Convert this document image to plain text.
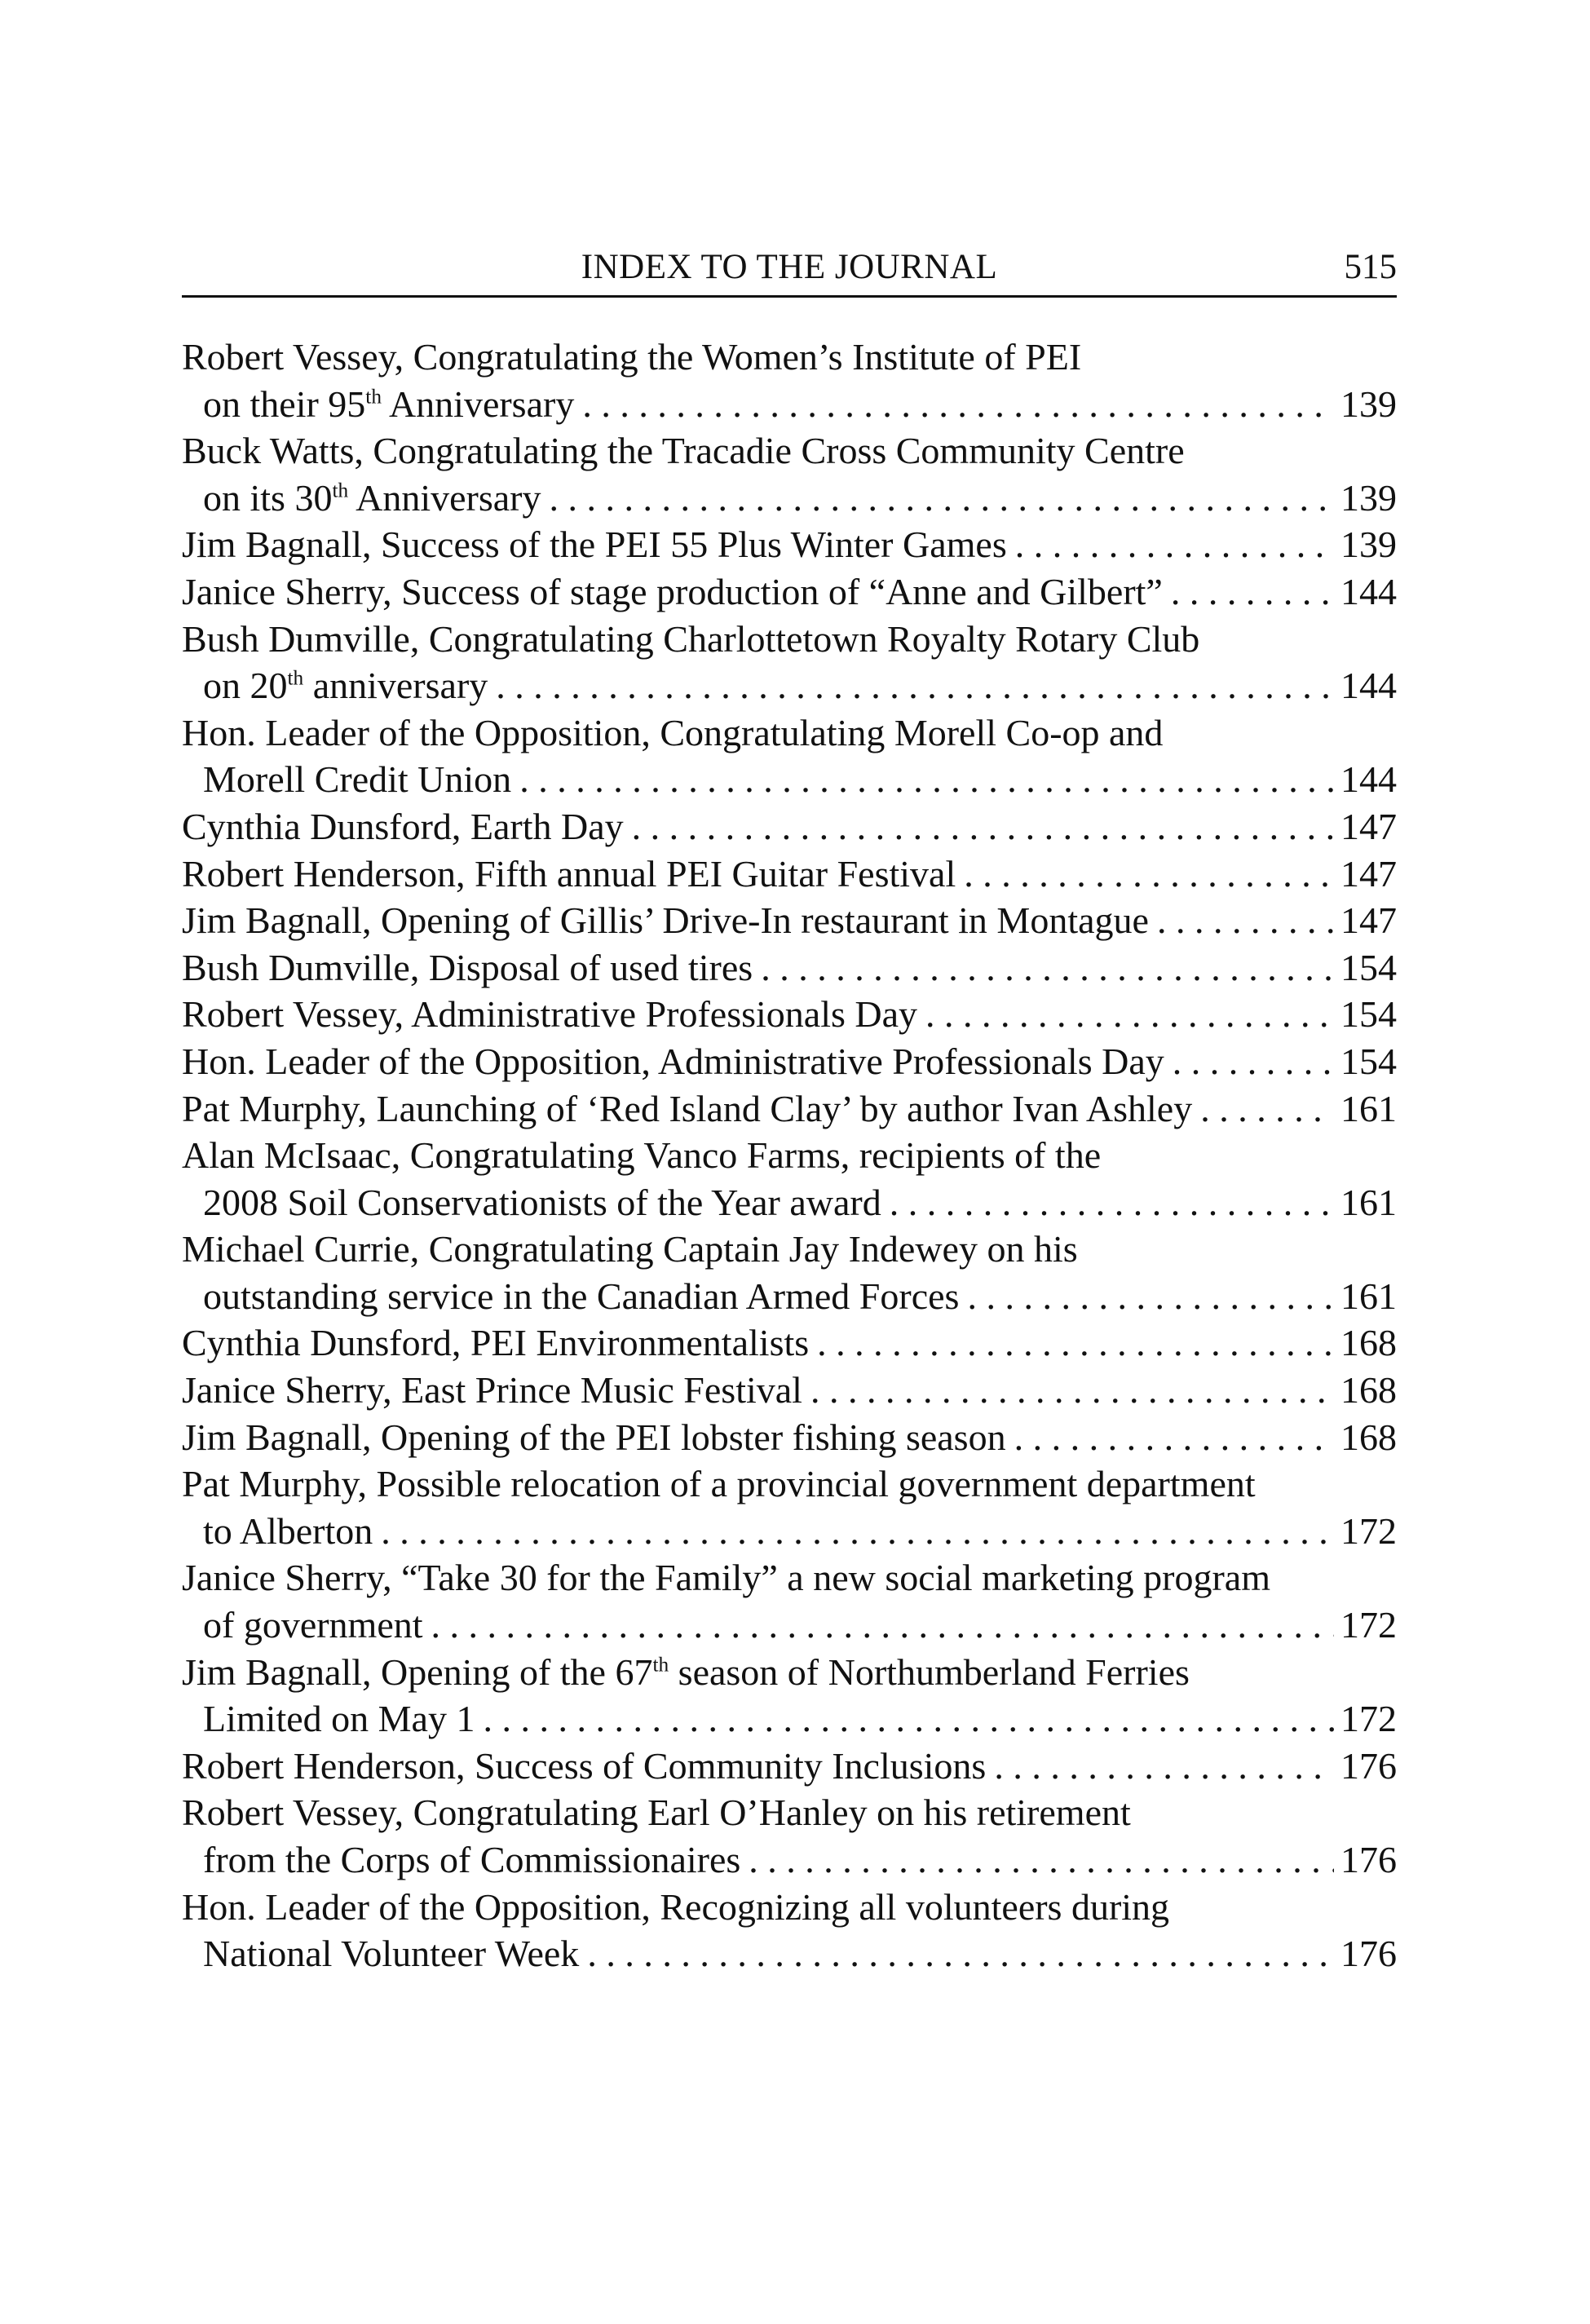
INDEX TO THE JOURNAL	515
Robert Vessey, Congratulating the Women’s Institute of PEI
on their 95th Anniversary . . .	139
Buck Watts, Congratulating the Tracadie Cross Community Centre
on its 30th Anniversary . . .	139
Jim Bagnall, Success of the PEI 55 Plus Winter Games . . .	139
Janice Sherry, Success of stage production of “Anne and Gilbert” . . .	144
Bush Dumville, Congratulating Charlottetown Royalty Rotary Club
on 20th anniversary . . .	144
Hon. Leader of the Opposition, Congratulating Morell Co-op and
Morell Credit Union . . .	144
Cynthia Dunsford, Earth Day . . .	147
Robert Henderson, Fifth annual PEI Guitar Festival . . .	147
Jim Bagnall, Opening of Gillis’ Drive-In restaurant in Montague . . .	147
Bush Dumville, Disposal of used tires . . .	154
Robert Vessey, Administrative Professionals Day . . .	154
Hon. Leader of the Opposition, Administrative Professionals Day . . .	154
Pat Murphy, Launching of ‘Red Island Clay’ by author Ivan Ashley . . .	161
Alan McIsaac, Congratulating Vanco Farms, recipients of the
2008 Soil Conservationists of the Year award . . .	161
Michael Currie, Congratulating Captain Jay Indewey on his
outstanding service in the Canadian Armed Forces . . .	161
Cynthia Dunsford, PEI Environmentalists . . .	168
Janice Sherry, East Prince Music Festival . . .	168
Jim Bagnall, Opening of the PEI lobster fishing season . . .	168
Pat Murphy, Possible relocation of a provincial government department
to Alberton . . .	172
Janice Sherry, “Take 30 for the Family” a new social marketing program
of government . . .	172
Jim Bagnall, Opening of the 67th season of Northumberland Ferries
Limited on May 1 . . .	172
Robert Henderson, Success of Community Inclusions . . .	176
Robert Vessey, Congratulating Earl O’Hanley on his retirement
from the Corps of Commissionaires . . .	176
Hon. Leader of the Opposition, Recognizing all volunteers during
National Volunteer Week . . .	176
